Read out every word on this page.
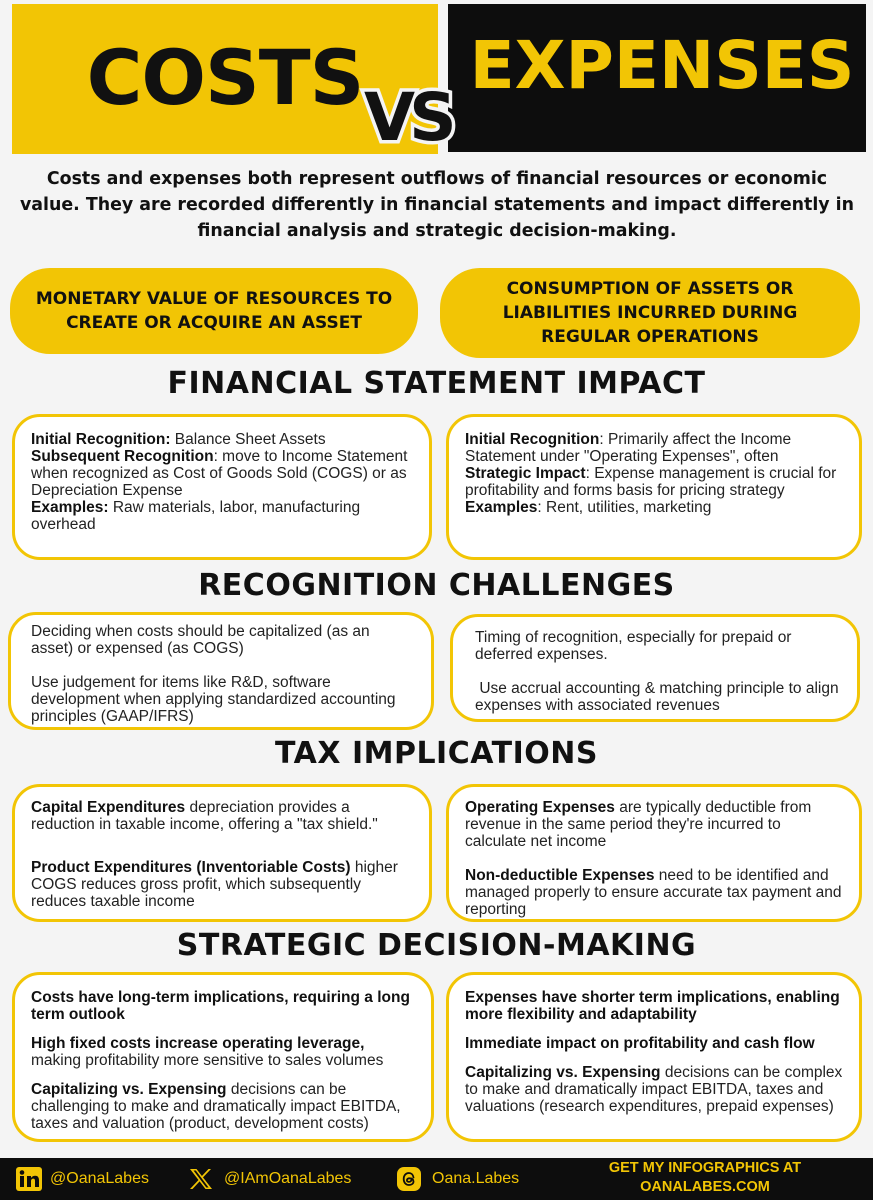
COSTS	EXPENSES
VS
Costs and expenses both represent outflows of financial resources or economic value. They are recorded differently in financial statements and impact differently in financial analysis and strategic decision-making.
MONETARY VALUE OF RESOURCES TO CREATE OR ACQUIRE AN ASSET
CONSUMPTION OF ASSETS OR LIABILITIES INCURRED DURING REGULAR OPERATIONS
FINANCIAL STATEMENT IMPACT

Initial Recognition: Balance Sheet Assets

Subsequent Recognition: move to Income Statement when recognized as Cost of Goods Sold (COGS) or as Depreciation Expense

Examples: Raw materials, labor, manufacturing overhead

Initial Recognition: Primarily affect the Income Statement under "Operating Expenses", often

Strategic Impact: Expense management is crucial for profitability and forms basis for pricing strategy

Examples: Rent, utilities, marketing

RECOGNITION CHALLENGES

Deciding when costs should be capitalized (as an asset) or expensed (as COGS)

Use judgement for items like R&D, software development when applying standardized accounting principles (GAAP/IFRS)

Timing of recognition, especially for prepaid or deferred expenses.

Use accrual accounting & matching principle to align expenses with associated revenues

TAX IMPLICATIONS

Capital Expenditures depreciation provides a reduction in taxable income, offering a "tax shield."

Product Expenditures (Inventoriable Costs) higher COGS reduces gross profit, which subsequently reduces taxable income

Operating Expenses are typically deductible from revenue in the same period they're incurred to calculate net income

Non-deductible Expenses need to be identified and managed properly to ensure accurate tax payment and reporting

STRATEGIC DECISION-MAKING

Costs have long-term implications, requiring a long term outlook

High fixed costs increase operating leverage, making profitability more sensitive to sales volumes

Capitalizing vs. Expensing decisions can be challenging to make and dramatically impact EBITDA, taxes and valuation (product, development costs)

Expenses have shorter term implications, enabling more flexibility and adaptability

Immediate impact on profitability and cash flow

Capitalizing vs. Expensing decisions can be complex to make and dramatically impact EBITDA, taxes and valuations (research expenditures, prepaid expenses)

@OanaLabes	@IAmOanaLabes	Oana.Labes
GET MY INFOGRAPHICS AT
OANALABES.COM
